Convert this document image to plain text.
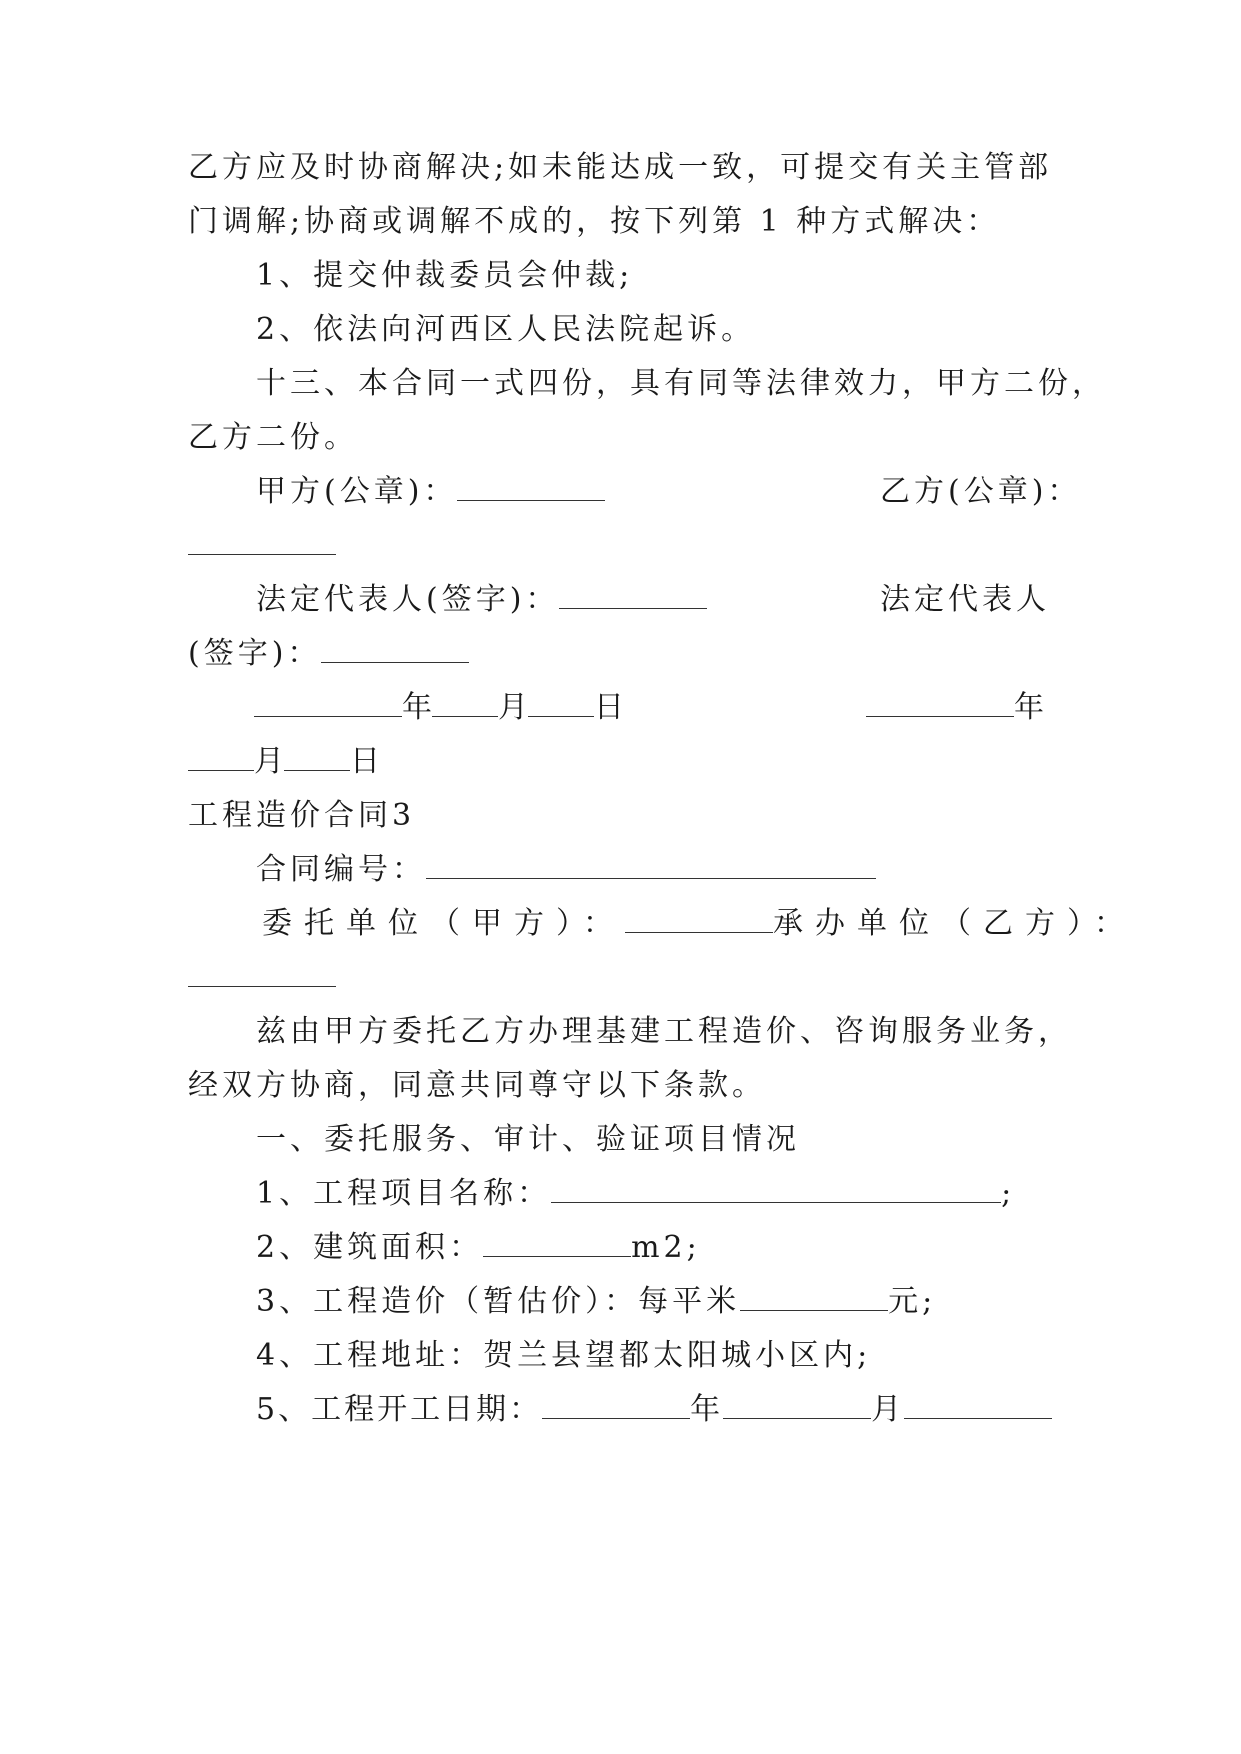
乙方应及时协商解决;如未能达成一致，可提交有关主管部
门调解;协商或调解不成的，按下列第 1 种方式解决：
1、提交仲裁委员会仲裁;
2、依法向河西区人民法院起诉。
十三、本合同一式四份，具有同等法律效力，甲方二份，
乙方二份。
甲方(公章)：	乙方(公章)：
法定代表人(签字)：	法定代表人
(签字)：
年 月 日	年
月 日
工程造价合同3
合同编号：
委托单位（甲方）：	承办单位（乙方）：
兹由甲方委托乙方办理基建工程造价、咨询服务业务，
经双方协商，同意共同尊守以下条款。
一、委托服务、审计、验证项目情况
1、工程项目名称：	;
2、建筑面积：	m2;
3、工程造价（暂估价）：每平米	元;
4、工程地址：贺兰县望都太阳城小区内;
5、工程开工日期：	年	月
